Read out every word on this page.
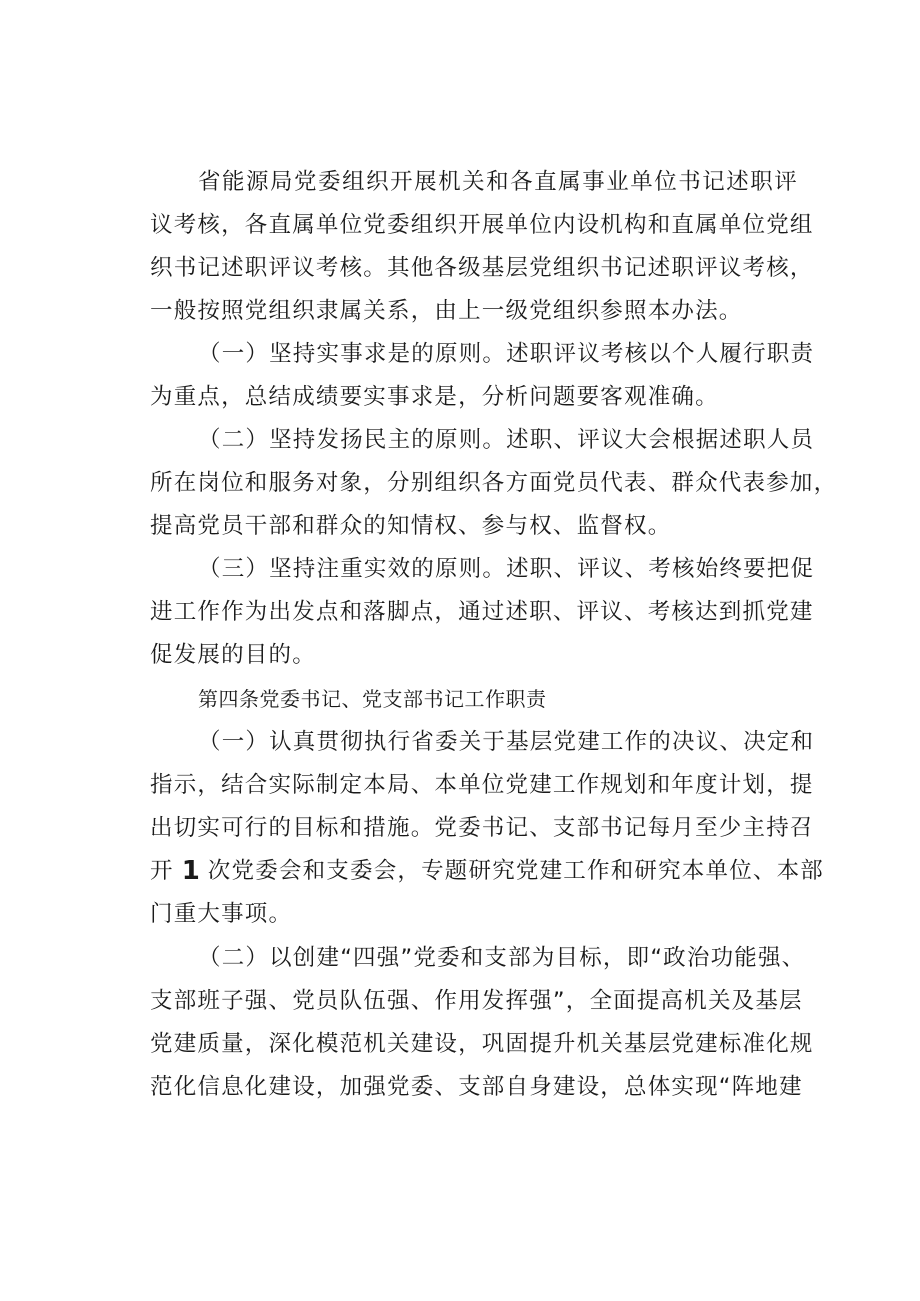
省能源局党委组织开展机关和各直属事业单位书记述职评
议考核，各直属单位党委组织开展单位内设机构和直属单位党组
织书记述职评议考核。其他各级基层党组织书记述职评议考核，
一般按照党组织隶属关系，由上一级党组织参照本办法。
（一）坚持实事求是的原则。述职评议考核以个人履行职责
为重点，总结成绩要实事求是，分析问题要客观准确。
（二）坚持发扬民主的原则。述职、评议大会根据述职人员
所在岗位和服务对象，分别组织各方面党员代表、群众代表参加，
提高党员干部和群众的知情权、参与权、监督权。
（三）坚持注重实效的原则。述职、评议、考核始终要把促
进工作作为出发点和落脚点，通过述职、评议、考核达到抓党建
促发展的目的。
第四条党委书记、党支部书记工作职责
（一）认真贯彻执行省委关于基层党建工作的决议、决定和
指示，结合实际制定本局、本单位党建工作规划和年度计划，提
出切实可行的目标和措施。党委书记、支部书记每月至少主持召
开 1 次党委会和支委会，专题研究党建工作和研究本单位、本部
门重大事项。
（二）以创建“四强”党委和支部为目标，即“政治功能强、
支部班子强、党员队伍强、作用发挥强”，全面提高机关及基层
党建质量，深化模范机关建设，巩固提升机关基层党建标准化规
范化信息化建设，加强党委、支部自身建设，总体实现“阵地建
